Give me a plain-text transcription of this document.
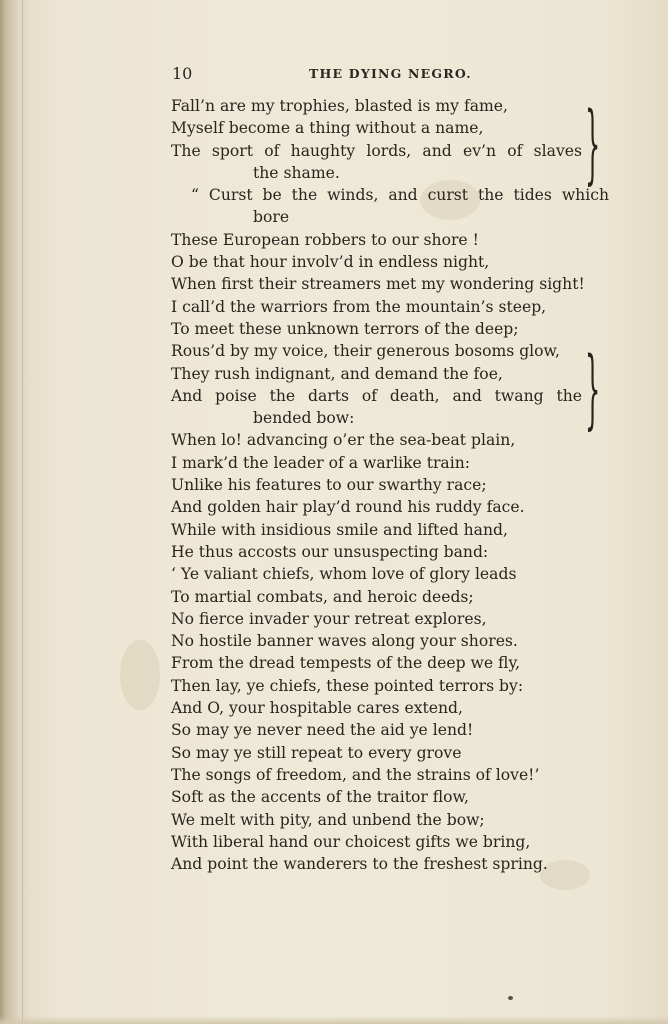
10	THE DYING NEGRO.
Fall’n are my trophies, blasted is my fame,
Myself become a thing without a name,
The sport of haughty lords, and ev’n of slaves
the shame.
“ Curst be the winds, and curst the tides which
bore
These European robbers to our shore !
O be that hour involv’d in endless night,
When first their streamers met my wondering sight!
I call’d the warriors from the mountain’s steep,
To meet these unknown terrors of the deep;
Rous’d by my voice, their generous bosoms glow,
They rush indignant, and demand the foe,
And poise the darts of death, and twang the
bended bow:
When lo! advancing o’er the sea-beat plain,
I mark’d the leader of a warlike train:
Unlike his features to our swarthy race;
And golden hair play’d round his ruddy face.
While with insidious smile and lifted hand,
He thus accosts our unsuspecting band:
‘ Ye valiant chiefs, whom love of glory leads
To martial combats, and heroic deeds;
No fierce invader your retreat explores,
No hostile banner waves along your shores.
From the dread tempests of the deep we fly,
Then lay, ye chiefs, these pointed terrors by:
And O, your hospitable cares extend,
So may ye never need the aid ye lend!
So may ye still repeat to every grove
The songs of freedom, and the strains of love!’
Soft as the accents of the traitor flow,
We melt with pity, and unbend the bow;
With liberal hand our choicest gifts we bring,
And point the wanderers to the freshest spring.
}
}
